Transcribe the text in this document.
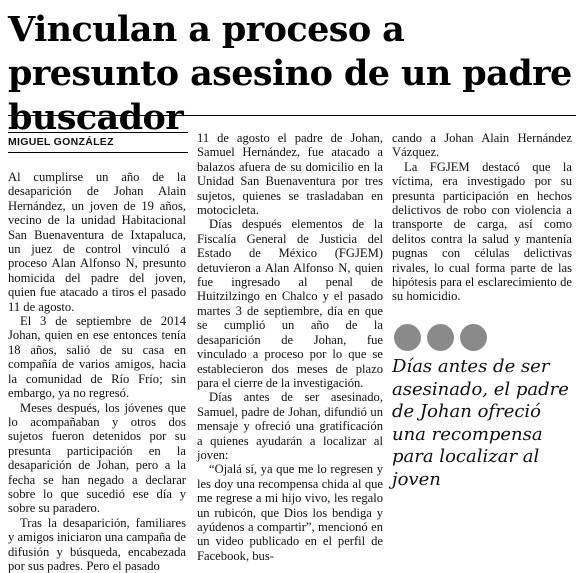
Vinculan a proceso a presunto asesino de un padre buscador
MIGUEL GONZÁLEZ

Al cumplirse un año de la desaparición de Johan Alain Hernández, un joven de 19 años, vecino de la unidad Habitacional San Buenaventura de Ixtapaluca, un juez de control vinculó a proceso Alan Alfonso N, presunto homicida del padre del joven, quien fue atacado a tiros el pasado 11 de agosto.

El 3 de septiembre de 2014 Johan, quien en ese entonces tenía 18 años, salió de su casa en compañía de varios amigos, hacia la comunidad de Río Frío; sin embargo, ya no regresó.

Meses después, los jóvenes que lo acompañaban y otros dos sujetos fueron detenidos por su presunta participación en la desaparición de Johan, pero a la fecha se han negado a declarar sobre lo que sucedió ese día y sobre su paradero.

Tras la desaparición, familiares y amigos iniciaron una campaña de difusión y búsqueda, encabezada por sus padres. Pero el pasado

11 de agosto el padre de Johan, Samuel Hernández, fue atacado a balazos afuera de su domicilio en la Unidad San Buenaventura por tres sujetos, quienes se trasladaban en motocicleta.

Días después elementos de la Fiscalía General de Justicia del Estado de México (FGJEM) detuvieron a Alan Alfonso N, quien fue ingresado al penal de Huitzilzingo en Chalco y el pasado martes 3 de septiembre, día en que se cumplió un año de la desaparición de Johan, fue vinculado a proceso por lo que se establecieron dos meses de plazo para el cierre de la investigación.

Días antes de ser asesinado, Samuel, padre de Johan, difundió un mensaje y ofreció una gratificación a quienes ayudarán a localizar al joven:

“Ojalá sí, ya que me lo regresen y les doy una recompensa chida al que me regrese a mi hijo vivo, les regalo un rubicón, que Dios los bendiga y ayúdenos a compartir”, mencionó en un video publicado en el perfil de Facebook, bus-

cando a Johan Alain Hernández Vázquez.

La FGJEM destacó que la víctima, era investigado por su presunta participación en hechos delictivos de robo con violencia a transporte de carga, así como delitos contra la salud y mantenía pugnas con células delictivas rivales, lo cual forma parte de las hipótesis para el esclarecimiento de su homicidio.

Días antes de ser asesinado, el padre de Johan ofreció una recompensa para localizar al joven
